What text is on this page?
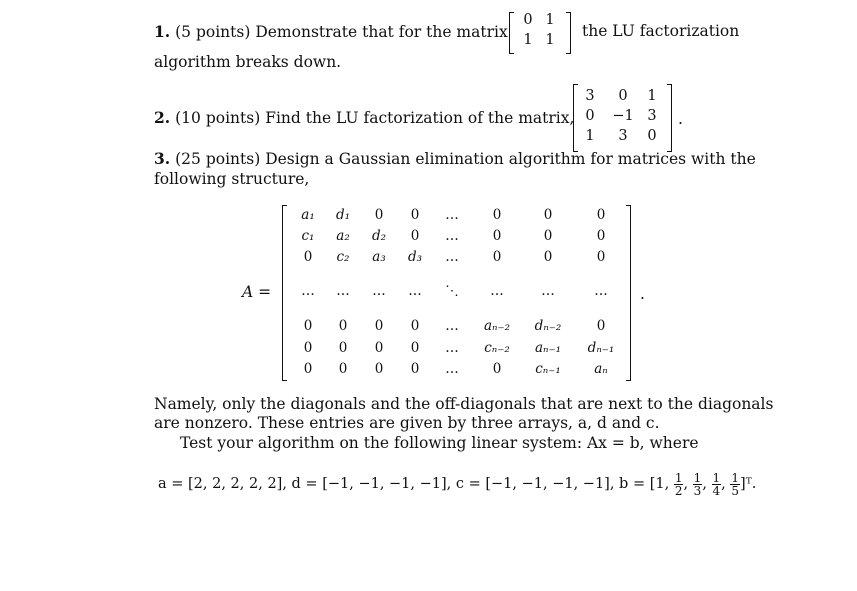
1. (5 points) Demonstrate that for the matrix
0 1
1 1	the LU factorization
algorithm breaks down.
2. (10 points) Find the LU factorization of the matrix,
3	0	1
0	−1 3
1	3	0
.
3. (25 points) Design a Gaussian elimination algorithm for matrices with the
following structure,
A =
a₁	d₁	0	0	…	0	0	0
c₁	a₂	d₂	0	…	0	0	0
0	c₂	a₃	d₃	…	0	0	0
…	…	…	…	⋱	…	…	…
0	0	0	0	…	aₙ₋₂	dₙ₋₂	0
0	0	0	0	…	cₙ₋₂	aₙ₋₁	dₙ₋₁
0	0	0	0	…	0	cₙ₋₁	aₙ
.
Namely, only the diagonals and the off-diagonals that are next to the diagonals
are nonzero. These entries are given by three arrays, a, d and c.
Test your algorithm on the following linear system: Ax = b, where
a = [2, 2, 2, 2, 2], d = [−1, −1, −1, −1], c = [−1, −1, −1, −1], b = [1, $\frac{1}{2}$ , $\frac{1}{3}$ , $\frac{1}{4}$ , $\frac{1}{5}$ ]ᵀ.
